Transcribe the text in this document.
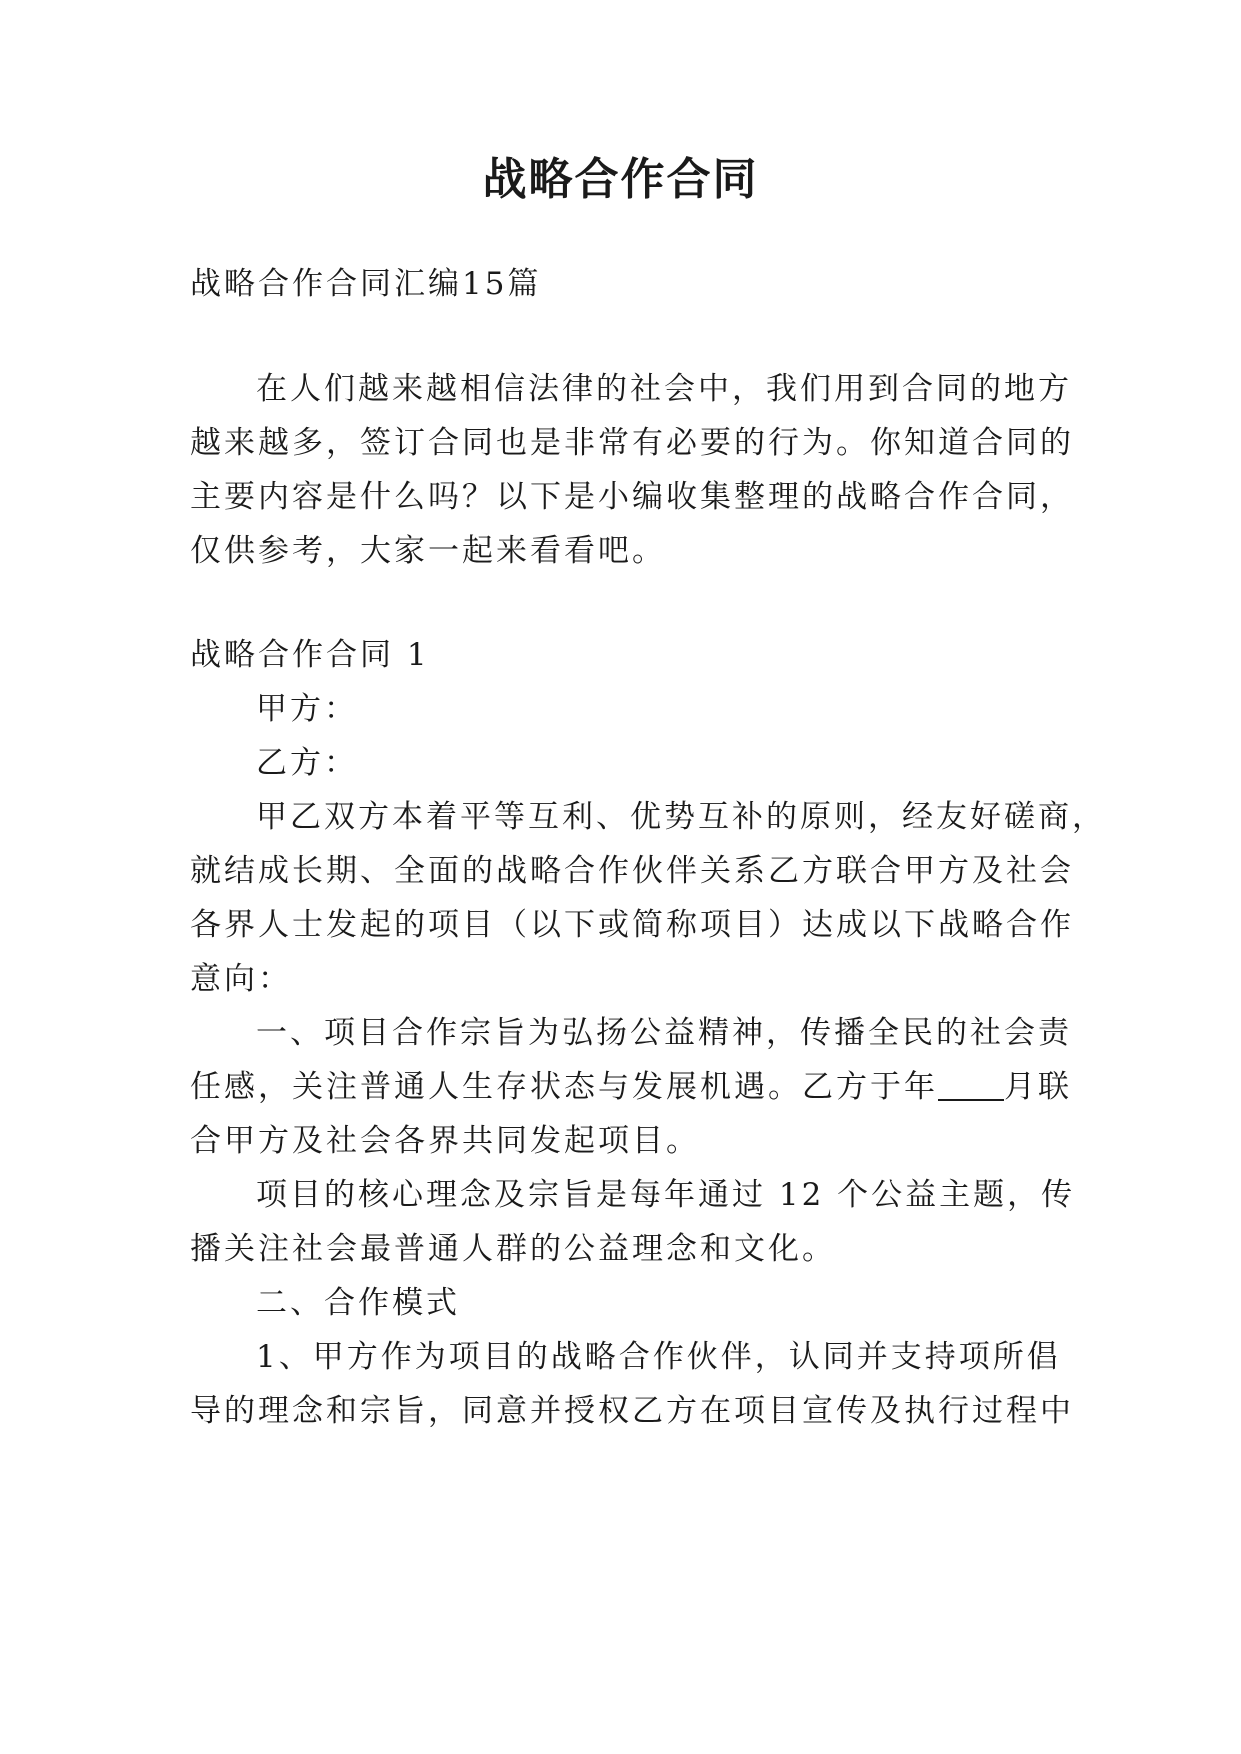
战略合作合同

战略合作合同汇编15篇

在人们越来越相信法律的社会中，我们用到合同的地方

越来越多，签订合同也是非常有必要的行为。你知道合同的

主要内容是什么吗？以下是小编收集整理的战略合作合同，

仅供参考，大家一起来看看吧。

战略合作合同 1

甲方：

乙方：

甲乙双方本着平等互利、优势互补的原则，经友好磋商，

就结成长期、全面的战略合作伙伴关系乙方联合甲方及社会

各界人士发起的项目（以下或简称项目）达成以下战略合作

意向：

一、项目合作宗旨为弘扬公益精神，传播全民的社会责

任感，关注普通人生存状态与发展机遇。乙方于年 月联

合甲方及社会各界共同发起项目。

项目的核心理念及宗旨是每年通过 12 个公益主题，传

播关注社会最普通人群的公益理念和文化。

二、合作模式

1、甲方作为项目的战略合作伙伴，认同并支持项所倡

导的理念和宗旨，同意并授权乙方在项目宣传及执行过程中
